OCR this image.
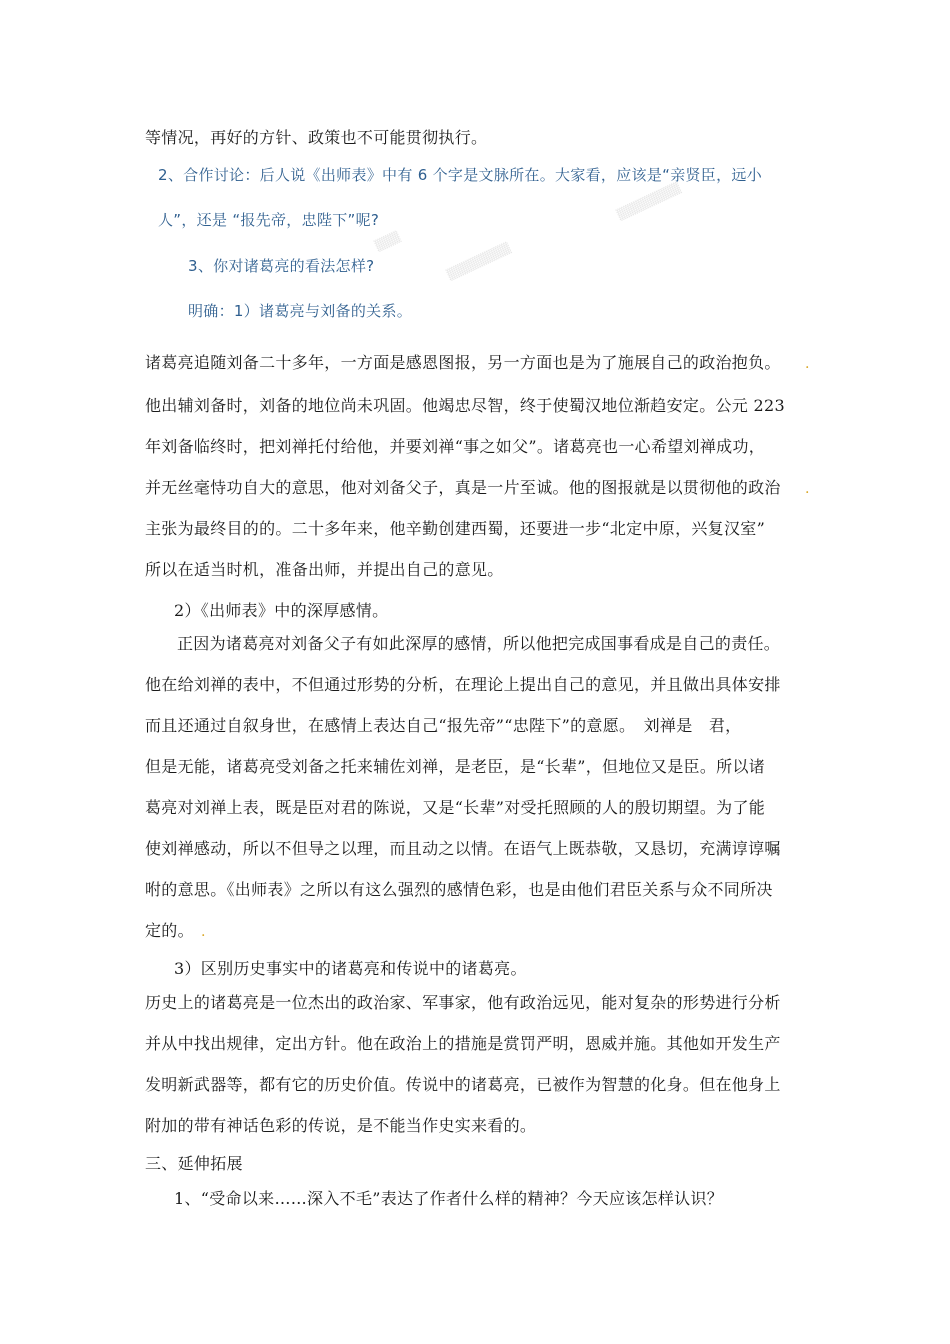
▒▒▒▒▒▒▒▒
▒▒▒	▒▒▒▒▒▒▒▒
等情况，再好的方针、政策也不可能贯彻执行。
2、合作讨论：后人说《出师表》中有 6 个字是文脉所在。大家看，应该是“亲贤臣，远小
人”，还是 “报先帝，忠陛下”呢?
3、你对诸葛亮的看法怎样?
明确：1）诸葛亮与刘备的关系。
诸葛亮追随刘备二十多年，一方面是感恩图报，另一方面也是为了施展自己的政治抱负。 .
他出辅刘备时，刘备的地位尚未巩固。他竭忠尽智，终于使蜀汉地位渐趋安定。公元 223
年刘备临终时，把刘禅托付给他，并要刘禅“事之如父”。诸葛亮也一心希望刘禅成功，
并无丝毫恃功自大的意思，他对刘备父子，真是一片至诚。他的图报就是以贯彻他的政治 .
主张为最终目的的。二十多年来，他辛勤创建西蜀，还要进一步“北定中原，兴复汉室”
所以在适当时机，准备出师，并提出自己的意见。
2）《出师表》中的深厚感情。
正因为诸葛亮对刘备父子有如此深厚的感情，所以他把完成国事看成是自己的责任。
他在给刘禅的表中，不但通过形势的分析，在理论上提出自己的意见，并且做出具体安排
而且还通过自叙身世，在感情上表达自己“报先帝”“忠陛下”的意愿。　刘禅是　君，
但是无能，诸葛亮受刘备之托来辅佐刘禅，是老臣，是“长辈”，但地位又是臣。所以诸
葛亮对刘禅上表，既是臣对君的陈说，又是“长辈”对受托照顾的人的殷切期望。为了能
使刘禅感动，所以不但导之以理，而且动之以情。在语气上既恭敬，又恳切，充满谆谆嘱
咐的意思。《出师表》之所以有这么强烈的感情色彩，也是由他们君臣关系与众不同所决
定的。 .
3）区别历史事实中的诸葛亮和传说中的诸葛亮。
历史上的诸葛亮是一位杰出的政治家、军事家，他有政治远见，能对复杂的形势进行分析
并从中找出规律，定出方针。他在政治上的措施是赏罚严明，恩威并施。其他如开发生产
发明新武器等，都有它的历史价值。传说中的诸葛亮，已被作为智慧的化身。但在他身上
附加的带有神话色彩的传说，是不能当作史实来看的。
三、延伸拓展
1、“受命以来……深入不毛”表达了作者什么样的精神？今天应该怎样认识？
